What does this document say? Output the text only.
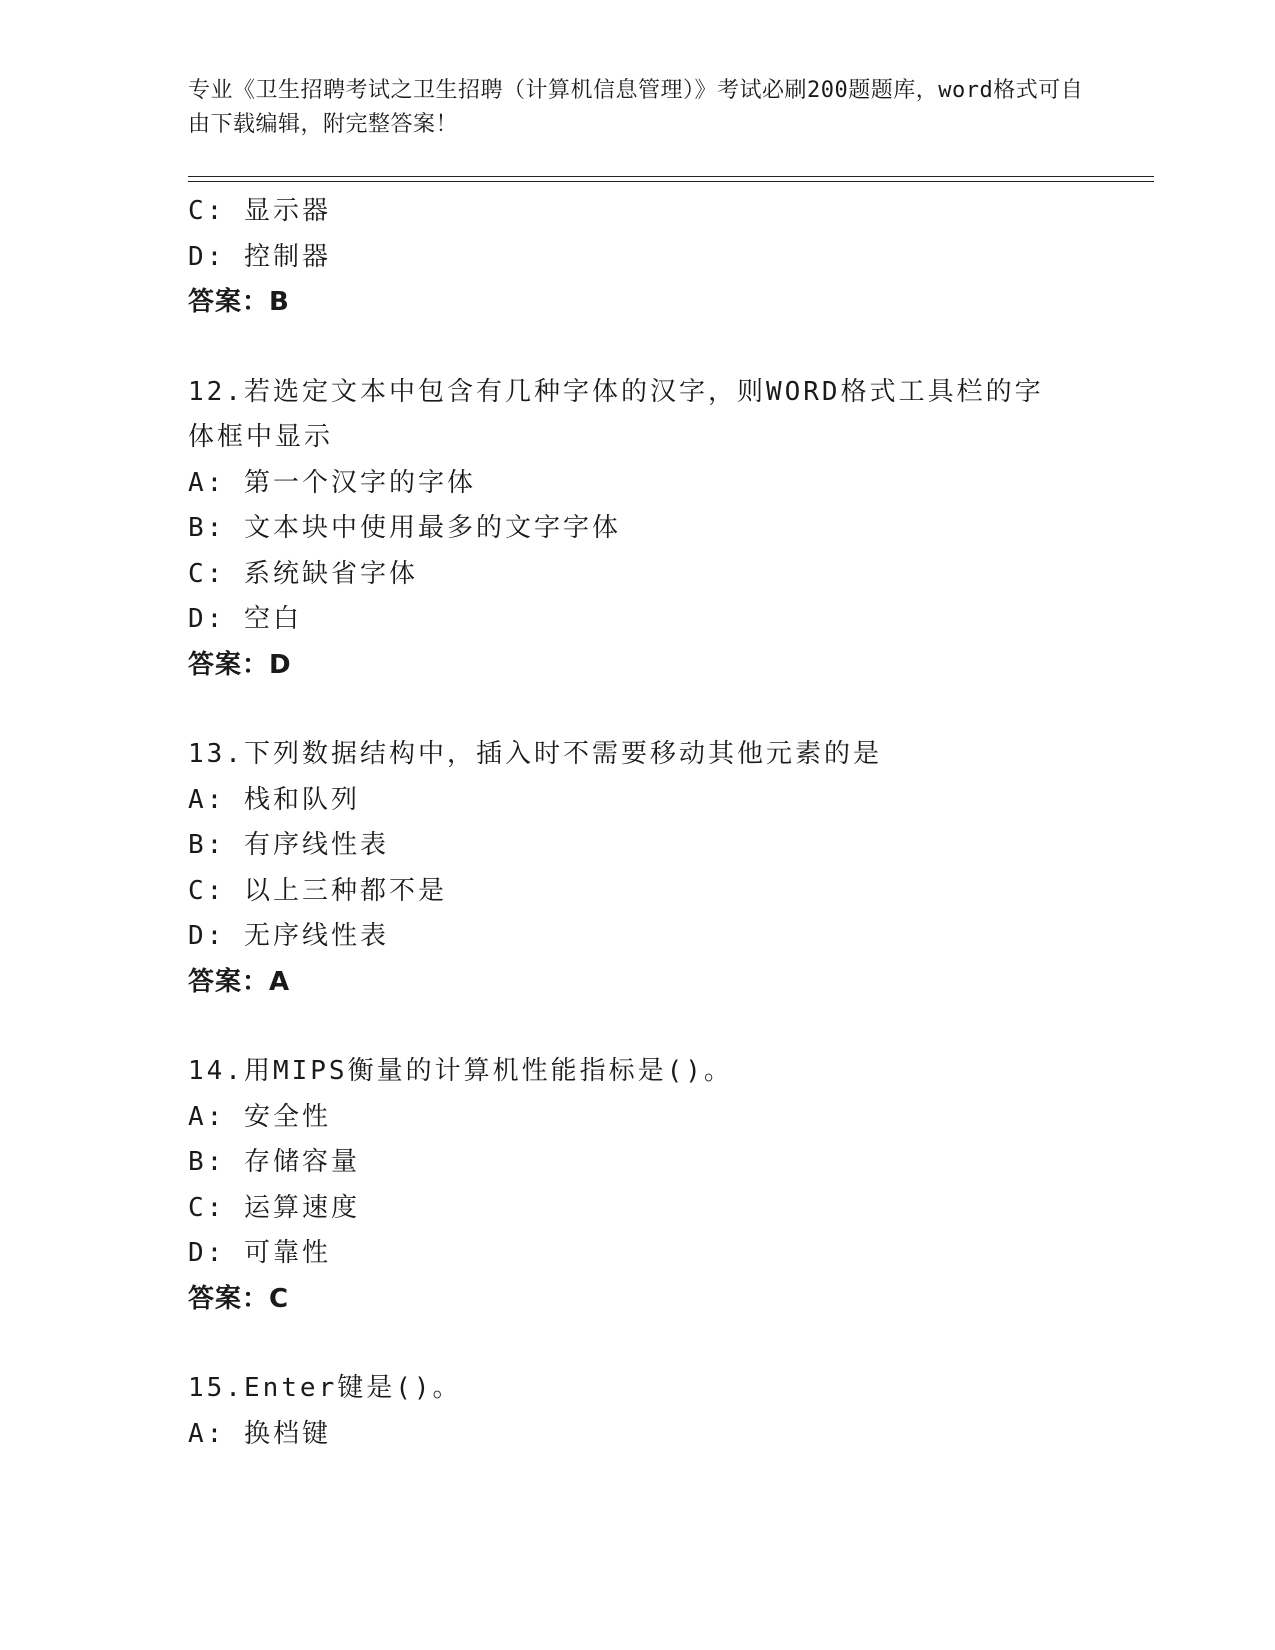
专业《卫生招聘考试之卫生招聘（计算机信息管理）》考试必刷200题题库，word格式可自由下载编辑，附完整答案！
C: 显示器
D: 控制器
答案：B
12.若选定文本中包含有几种字体的汉字，则WORD格式工具栏的字体框中显示
A: 第一个汉字的字体
B: 文本块中使用最多的文字字体
C: 系统缺省字体
D: 空白
答案：D
13.下列数据结构中，插入时不需要移动其他元素的是
A: 栈和队列
B: 有序线性表
C: 以上三种都不是
D: 无序线性表
答案：A
14.用MIPS衡量的计算机性能指标是()。
A: 安全性
B: 存储容量
C: 运算速度
D: 可靠性
答案：C
15.Enter键是()。
A: 换档键
